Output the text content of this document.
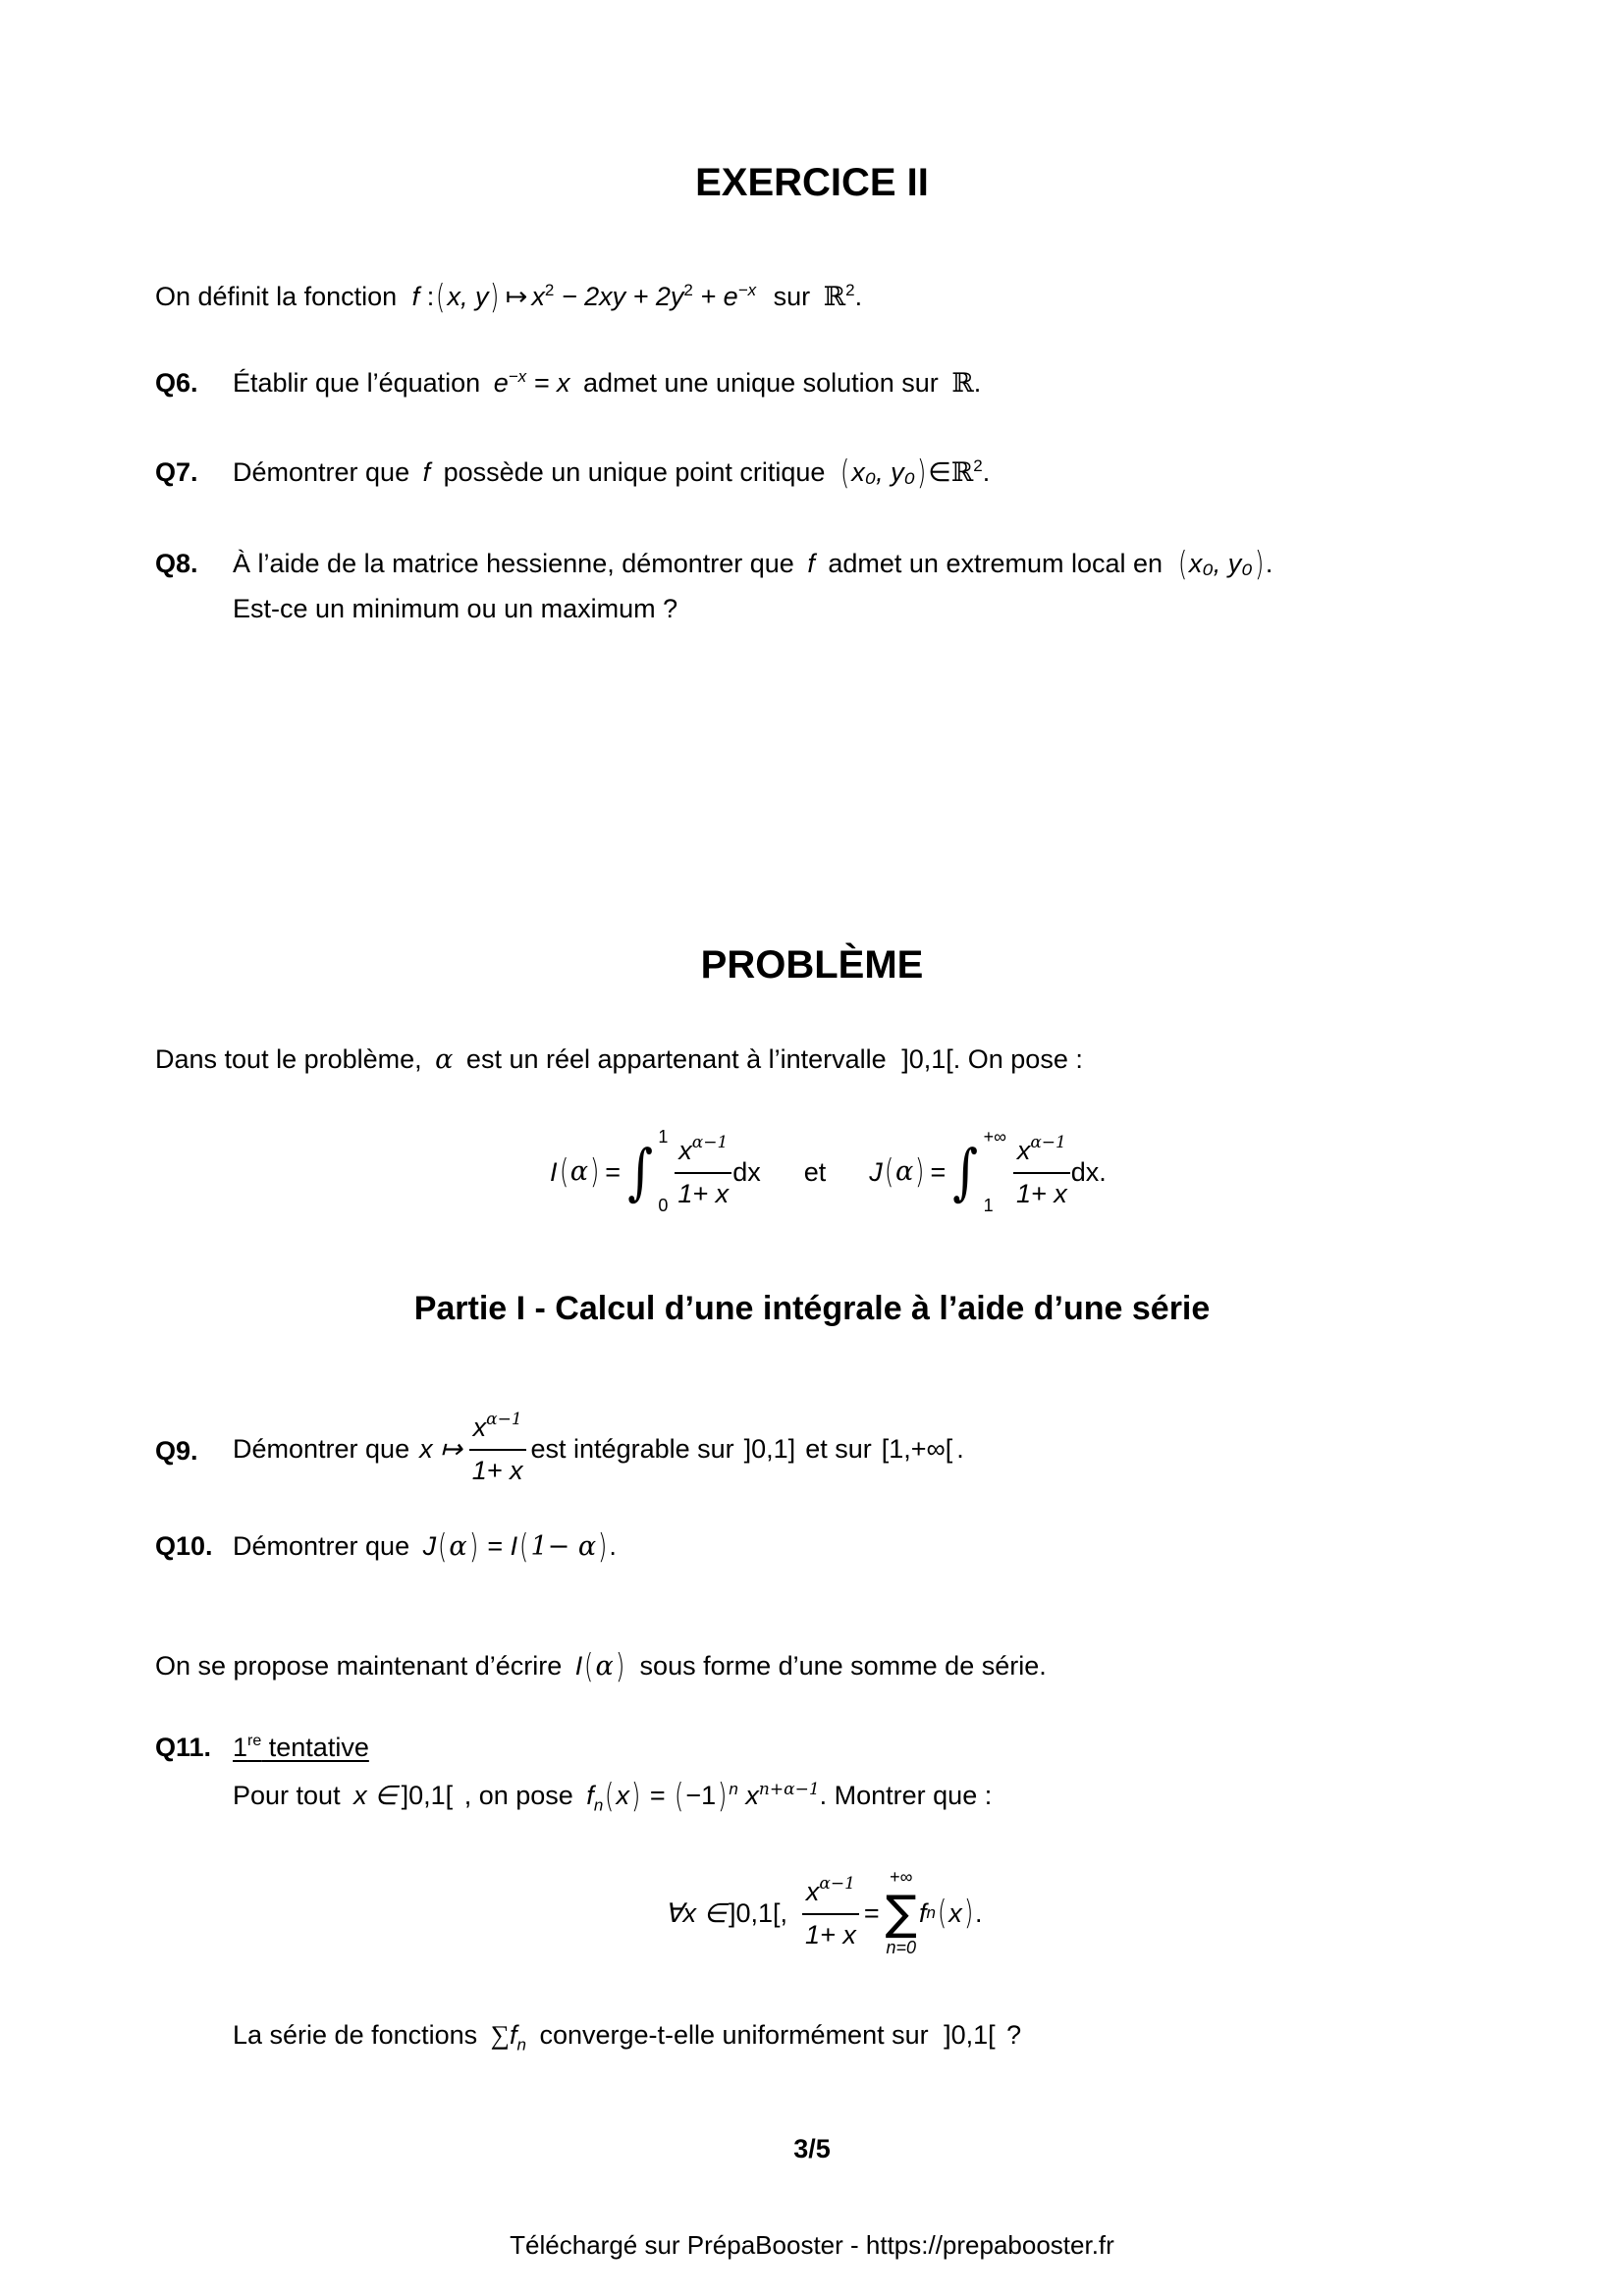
EXERCICE II
On définit la fonction f :(x, y) ↦ $x^2 - 2xy + 2y^2 + e^{-x}$ sur ℝ$^2$.
Q6. Établir que l’équation $e^{-x} = x$ admet une unique solution sur ℝ.
Q7. Démontrer que f possède un unique point critique (x₀, y₀)∈ℝ$^2$.
Q8. À l’aide de la matrice hessienne, démontrer que f admet un extremum local en (x₀, y₀).
Est-ce un minimum ou un maximum ?
PROBLÈME
Dans tout le problème, α est un réel appartenant à l’intervalle ]0,1[. On pose :
I ( α ) = ∫ 1
$0 \frac{x^{\alpha-1}}{1+ x}$ dx et J ( α ) = ∫ +∞
$1 \frac{x^{\alpha-1}}{1+ x}$ dx.
Partie I - Calcul d’une intégrale à l’aide d’une série
Q9. Démontrer que x ↦ $\frac{x^{\alpha-1}}{1+ x}$ est intégrable sur ]0,1] et sur [1,+∞[ .
Q10. Démontrer que J(α) = I(1− α).
On se propose maintenant d’écrire I(α) sous forme d’une somme de série.
Q11. 1re tentative
Pour tout x ∈ ]0,1[ , on pose $f_n(x) = (-1)$ $^n$ $x^{n+\alpha-1}$. Montrer que :
∀x ∈ ]0,1[, $\frac{x^{\alpha-1}}{1+ x}$ =
+∞
∑
n=0
f n ( x ) .
La série de fonctions $\sum f_n$ converge-t-elle uniformément sur ]0,1[ ?
3/5
Téléchargé sur PrépaBooster - https://prepabooster.fr
